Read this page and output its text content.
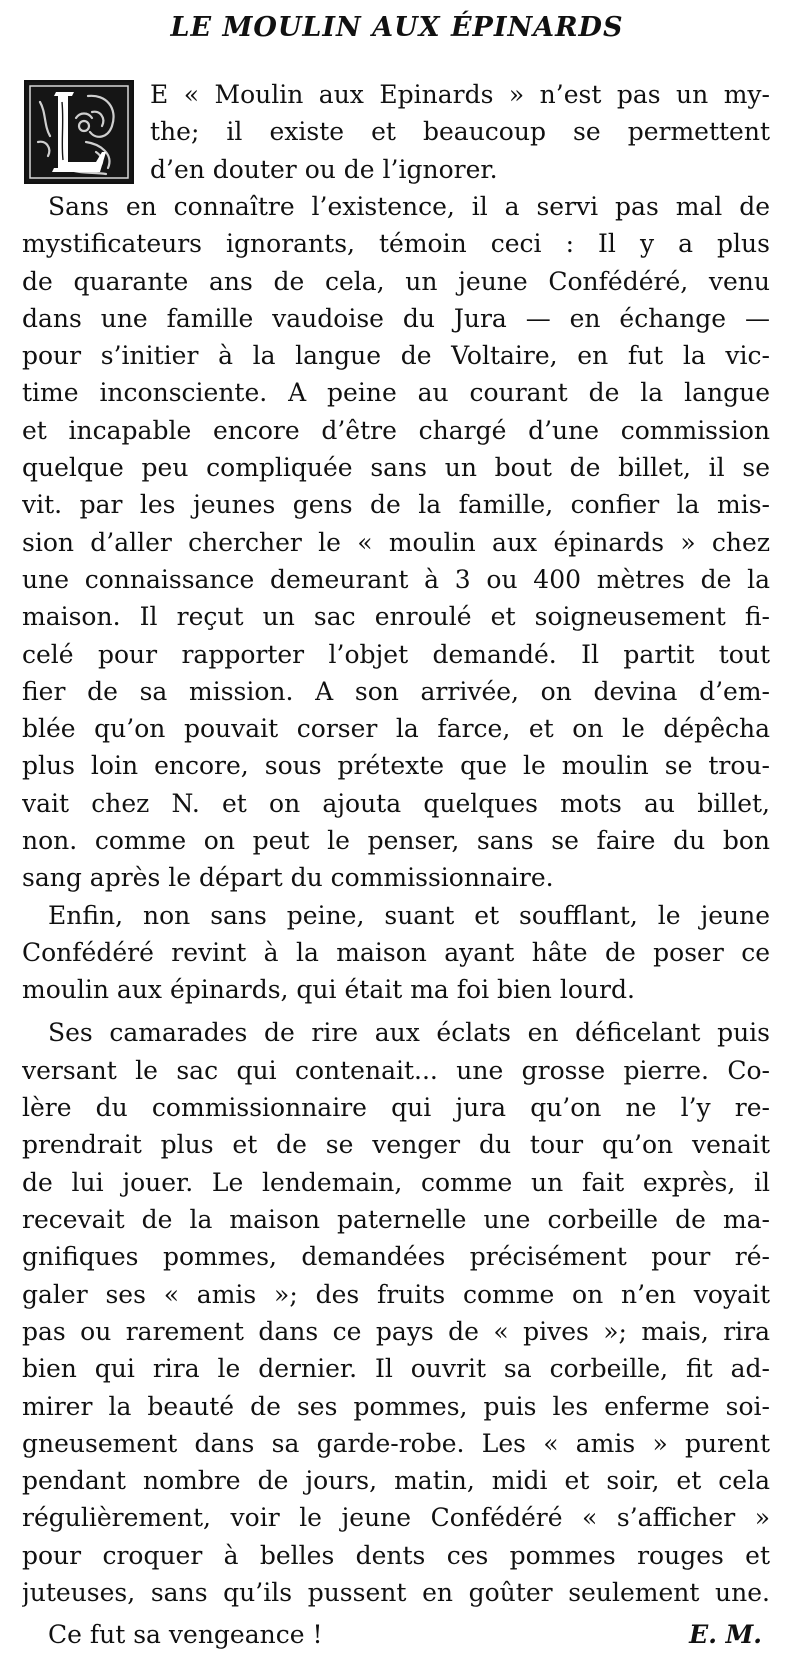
LE MOULIN AUX ÉPINARDS
E « Moulin aux Epinards » n’est pas un my-
the; il existe et beaucoup se permettent
d’en douter ou de l’ignorer.
Sans en connaître l’existence, il a servi pas mal de
mystificateurs ignorants, témoin ceci : Il y a plus
de quarante ans de cela, un jeune Confédéré, venu
dans une famille vaudoise du Jura — en échange —
pour s’initier à la langue de Voltaire, en fut la vic-
time inconsciente. A peine au courant de la langue
et incapable encore d’être chargé d’une commission
quelque peu compliquée sans un bout de billet, il se
vit. par les jeunes gens de la famille, confier la mis-
sion d’aller chercher le « moulin aux épinards » chez
une connaissance demeurant à 3 ou 400 mètres de la
maison. Il reçut un sac enroulé et soigneusement fi-
celé pour rapporter l’objet demandé. Il partit tout
fier de sa mission. A son arrivée, on devina d’em-
blée qu’on pouvait corser la farce, et on le dépêcha
plus loin encore, sous prétexte que le moulin se trou-
vait chez N. et on ajouta quelques mots au billet,
non. comme on peut le penser, sans se faire du bon
sang après le départ du commissionnaire.
Enfin, non sans peine, suant et soufflant, le jeune
Confédéré revint à la maison ayant hâte de poser ce
moulin aux épinards, qui était ma foi bien lourd.
Ses camarades de rire aux éclats en déficelant puis
versant le sac qui contenait... une grosse pierre. Co-
lère du commissionnaire qui jura qu’on ne l’y re-
prendrait plus et de se venger du tour qu’on venait
de lui jouer. Le lendemain, comme un fait exprès, il
recevait de la maison paternelle une corbeille de ma-
gnifiques pommes, demandées précisément pour ré-
galer ses « amis »; des fruits comme on n’en voyait
pas ou rarement dans ce pays de « pives »; mais, rira
bien qui rira le dernier. Il ouvrit sa corbeille, fit ad-
mirer la beauté de ses pommes, puis les enferme soi-
gneusement dans sa garde-robe. Les « amis » purent
pendant nombre de jours, matin, midi et soir, et cela
régulièrement, voir le jeune Confédéré « s’afficher »
pour croquer à belles dents ces pommes rouges et
juteuses, sans qu’ils pussent en goûter seulement une.
Ce fut sa vengeance !	E. M.
